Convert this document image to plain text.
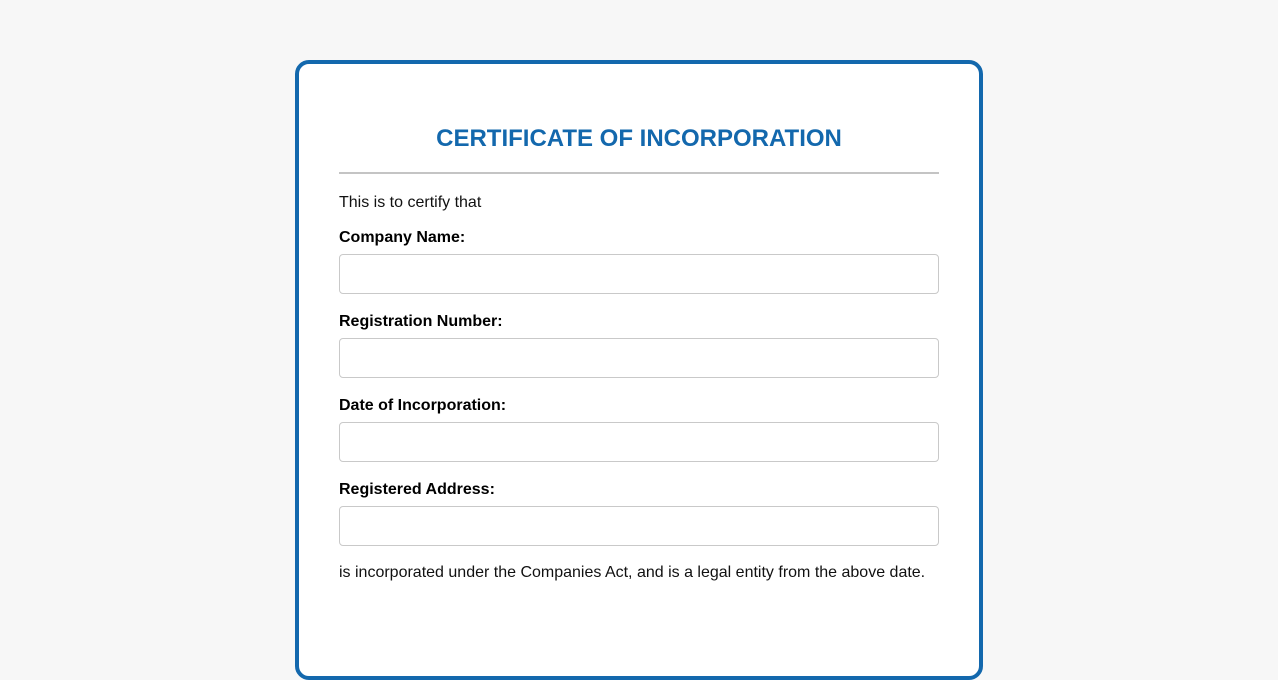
CERTIFICATE OF INCORPORATION
This is to certify that
Company Name:
Registration Number:
Date of Incorporation:
Registered Address:
is incorporated under the Companies Act, and is a legal entity from the above date.
